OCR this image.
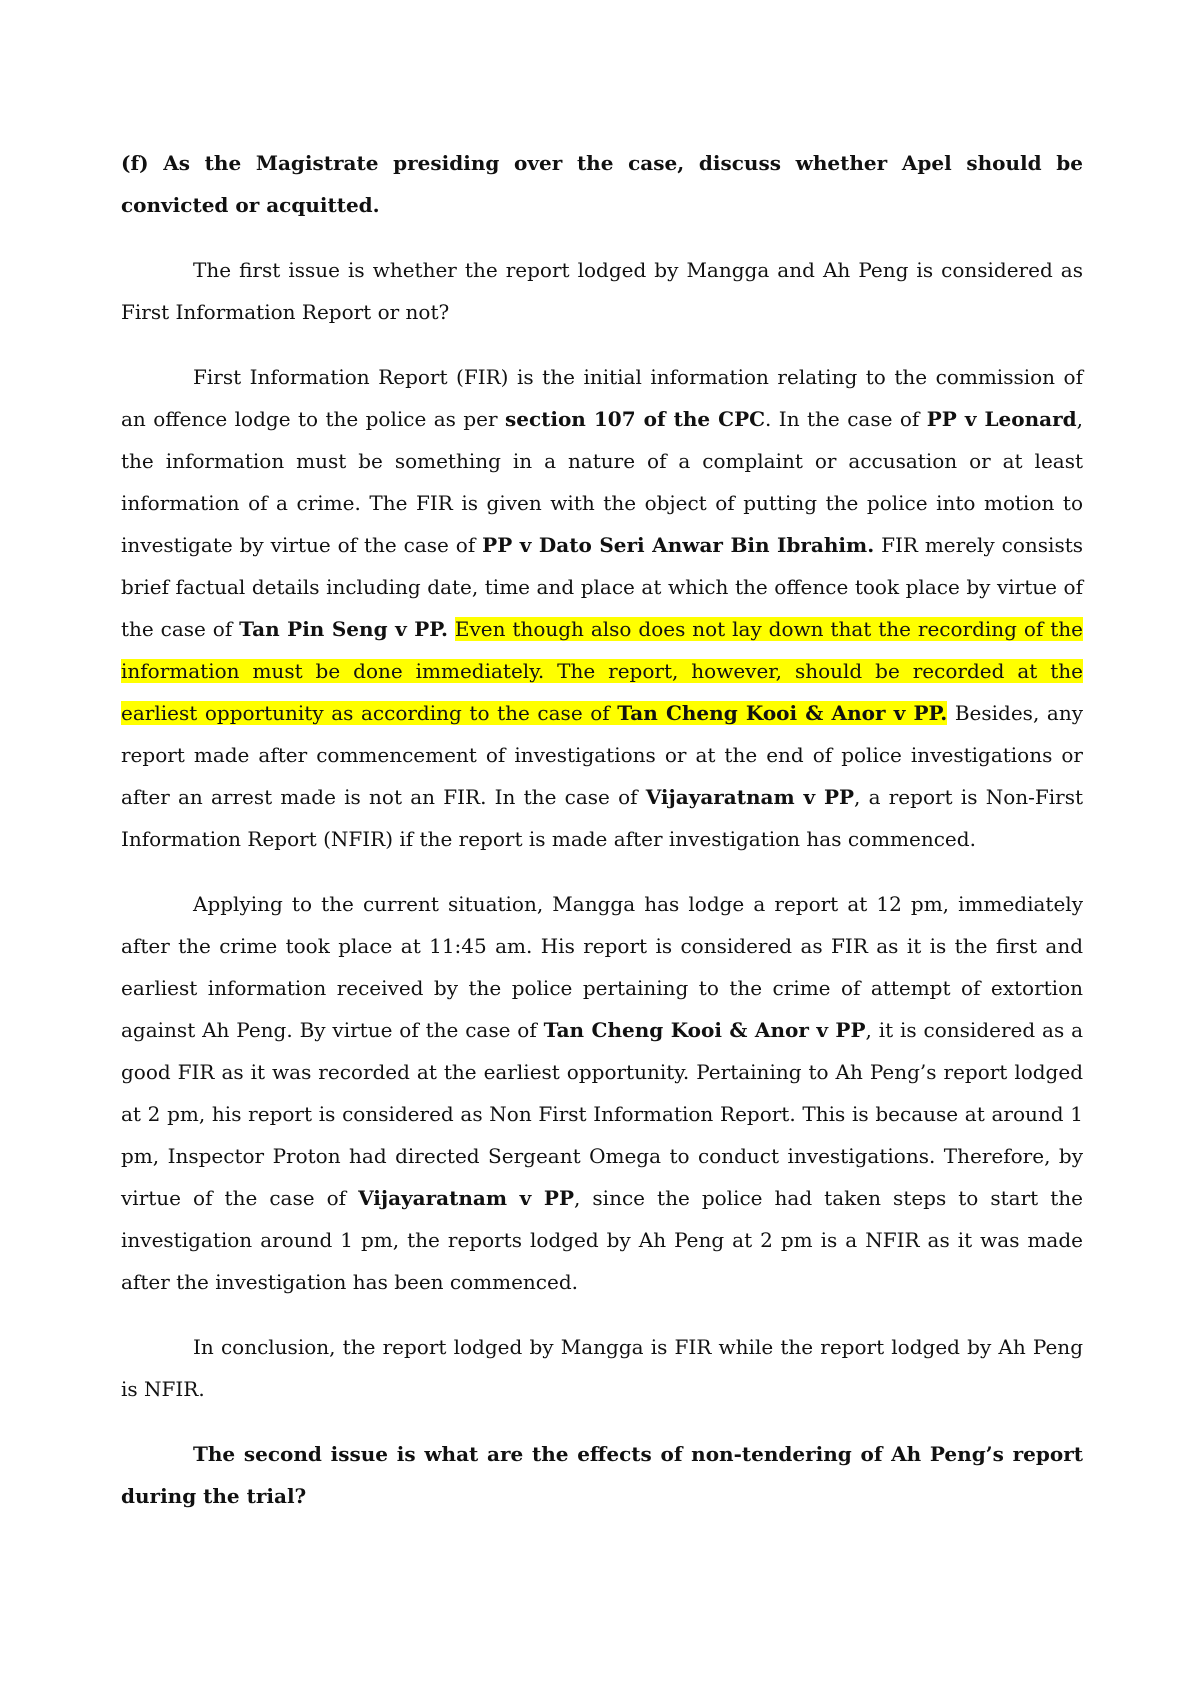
(f) As the Magistrate presiding over the case, discuss whether Apel should be convicted or acquitted.

The first issue is whether the report lodged by Mangga and Ah Peng is considered as First Information Report or not?

First Information Report (FIR) is the initial information relating to the commission of an offence lodge to the police as per section 107 of the CPC. In the case of PP v Leonard, the information must be something in a nature of a complaint or accusation or at least information of a crime. The FIR is given with the object of putting the police into motion to investigate by virtue of the case of PP v Dato Seri Anwar Bin Ibrahim. FIR merely consists brief factual details including date, time and place at which the offence took place by virtue of the case of Tan Pin Seng v PP. Even though also does not lay down that the recording of the information must be done immediately. The report, however, should be recorded at the earliest opportunity as according to the case of Tan Cheng Kooi & Anor v PP. Besides, any report made after commencement of investigations or at the end of police investigations or after an arrest made is not an FIR. In the case of Vijayaratnam v PP, a report is Non-First Information Report (NFIR) if the report is made after investigation has commenced.

Applying to the current situation, Mangga has lodge a report at 12 pm, immediately after the crime took place at 11:45 am. His report is considered as FIR as it is the first and earliest information received by the police pertaining to the crime of attempt of extortion against Ah Peng. By virtue of the case of Tan Cheng Kooi & Anor v PP, it is considered as a good FIR as it was recorded at the earliest opportunity. Pertaining to Ah Peng’s report lodged at 2 pm, his report is considered as Non First Information Report. This is because at around 1 pm, Inspector Proton had directed Sergeant Omega to conduct investigations. Therefore, by virtue of the case of Vijayaratnam v PP, since the police had taken steps to start the investigation around 1 pm, the reports lodged by Ah Peng at 2 pm is a NFIR as it was made after the investigation has been commenced.

In conclusion, the report lodged by Mangga is FIR while the report lodged by Ah Peng is NFIR.

The second issue is what are the effects of non-tendering of Ah Peng’s report during the trial?
